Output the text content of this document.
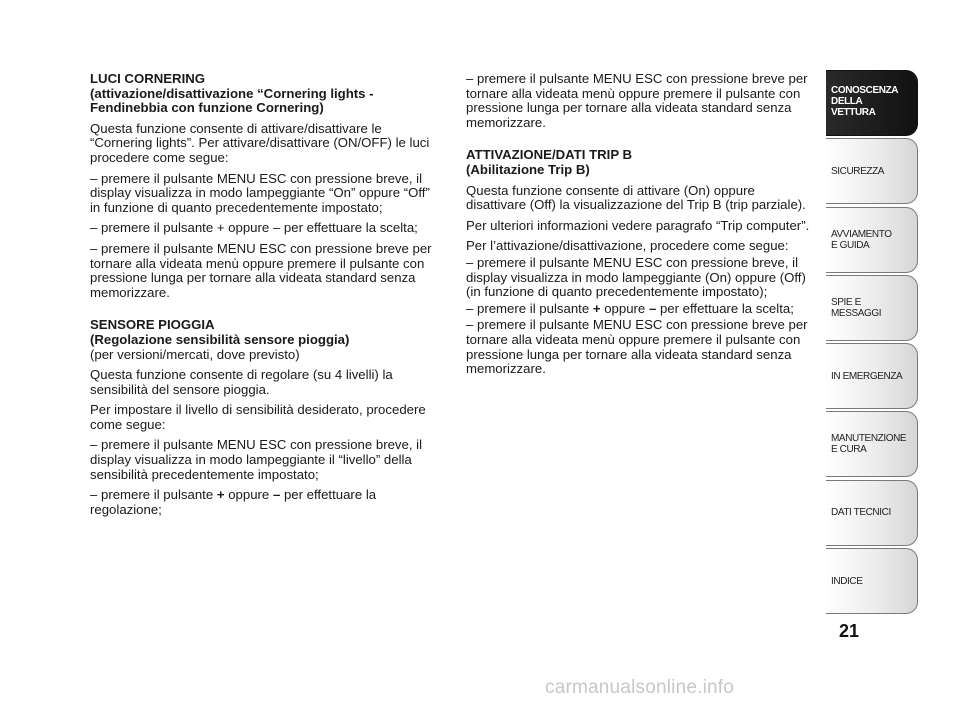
LUCI CORNERING
(attivazione/disattivazione “Cornering lights -
Fendinebbia con funzione Cornering)

Questa funzione consente di attivare/disattivare le “Cornering lights”. Per attivare/disattivare (ON/OFF) le luci procedere come segue:

– premere il pulsante MENU ESC con pressione breve, il display visualizza in modo lampeggiante “On” oppure “Off” in funzione di quanto precedentemente impostato;

– premere il pulsante + oppure – per effettuare la scelta;

– premere il pulsante MENU ESC con pressione breve per tornare alla videata menù oppure premere il pulsante con pressione lunga per tornare alla videata standard senza memorizzare.

SENSORE PIOGGIA
(Regolazione sensibilità sensore pioggia)

(per versioni/mercati, dove previsto)

Questa funzione consente di regolare (su 4 livelli) la sensibilità del sensore pioggia.

Per impostare il livello di sensibilità desiderato, procedere come segue:

– premere il pulsante MENU ESC con pressione breve, il display visualizza in modo lampeggiante il “livello” della sensibilità precedentemente impostato;

– premere il pulsante + oppure – per effettuare la regolazione;

– premere il pulsante MENU ESC con pressione breve per tornare alla videata menù oppure premere il pulsante con pressione lunga per tornare alla videata standard senza memorizzare.

ATTIVAZIONE/DATI TRIP B
(Abilitazione Trip B)

Questa funzione consente di attivare (On) oppure disattivare (Off) la visualizzazione del Trip B (trip parziale).

Per ulteriori informazioni vedere paragrafo “Trip computer”.

Per l’attivazione/disattivazione, procedere come segue:

– premere il pulsante MENU ESC con pressione breve, il display visualizza in modo lampeggiante (On) oppure (Off) (in funzione di quanto precedentemente impostato);

– premere il pulsante + oppure – per effettuare la scelta;

– premere il pulsante MENU ESC con pressione breve per tornare alla videata menù oppure premere il pulsante con pressione lunga per tornare alla videata standard senza memorizzare.

CONOSCENZA
DELLA
VETTURA
SICUREZZA
AVVIAMENTO
E GUIDA
SPIE E
MESSAGGI
IN EMERGENZA
MANUTENZIONE
E CURA
DATI TECNICI
INDICE
21
carmanualsonline.info
